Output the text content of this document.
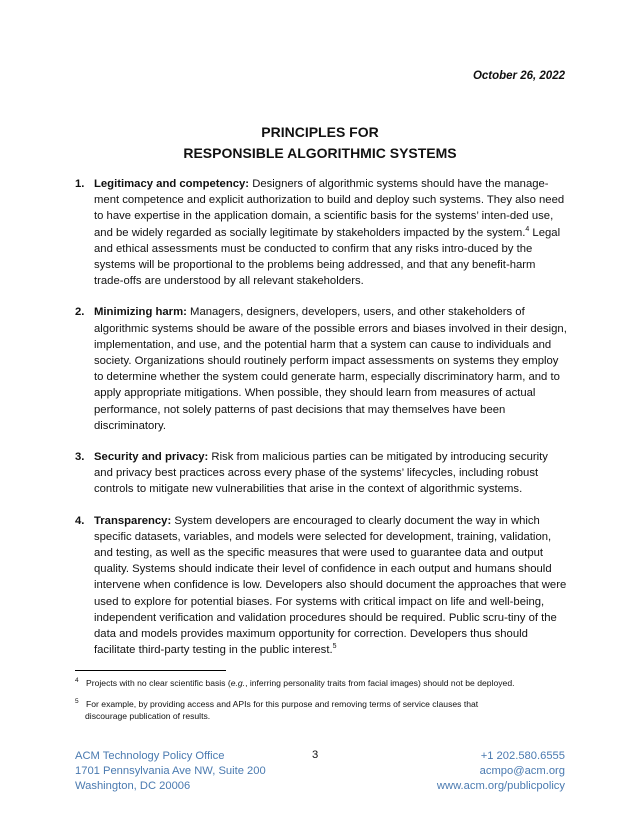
October 26, 2022
PRINCIPLES FOR
RESPONSIBLE ALGORITHMIC SYSTEMS
1. Legitimacy and competency: Designers of algorithmic systems should have the manage-ment competence and explicit authorization to build and deploy such systems. They also need to have expertise in the application domain, a scientific basis for the systems’ inten-ded use, and be widely regarded as socially legitimate by stakeholders impacted by the system.$^4$ Legal and ethical assessments must be conducted to confirm that any risks intro-duced by the systems will be proportional to the problems being addressed, and that any benefit-harm trade-offs are understood by all relevant stakeholders.
2. Minimizing harm: Managers, designers, developers, users, and other stakeholders of algorithmic systems should be aware of the possible errors and biases involved in their design, implementation, and use, and the potential harm that a system can cause to individuals and society. Organizations should routinely perform impact assessments on systems they employ to determine whether the system could generate harm, especially discriminatory harm, and to apply appropriate mitigations. When possible, they should learn from measures of actual performance, not solely patterns of past decisions that may themselves have been discriminatory.
3. Security and privacy: Risk from malicious parties can be mitigated by introducing security and privacy best practices across every phase of the systems’ lifecycles, including robust controls to mitigate new vulnerabilities that arise in the context of algorithmic systems.
4. Transparency: System developers are encouraged to clearly document the way in which specific datasets, variables, and models were selected for development, training, validation, and testing, as well as the specific measures that were used to guarantee data and output quality. Systems should indicate their level of confidence in each output and humans should intervene when confidence is low. Developers also should document the approaches that were used to explore for potential biases. For systems with critical impact on life and well-being, independent verification and validation procedures should be required. Public scru-tiny of the data and models provides maximum opportunity for correction. Developers thus should facilitate third-party testing in the public interest.$^5$
$^4$ Projects with no clear scientific basis (e.g., inferring personality traits from facial images) should not be deployed.
$^5$ For example, by providing access and APIs for this purpose and removing terms of service clauses that
discourage publication of results.
ACM Technology Policy Office
1701 Pennsylvania Ave NW, Suite 200
Washington, DC 20006
3	+1 202.580.6555
acmpo@acm.org
www.acm.org/publicpolicy
